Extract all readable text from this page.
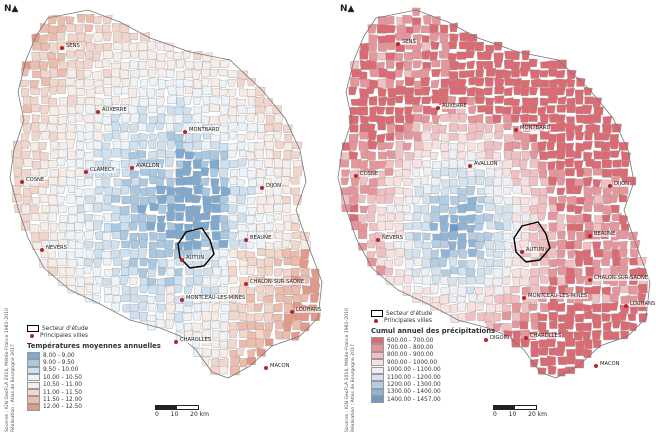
N▲
SENS
AUXERRE
MONTBARD
COSNE
CLAMECY
AVALLON
DIJON
NEVERS
BEAUNE
AUTUN
CHALON-SUR-SAONE
MONTCEAU-LES-MINES
CHAROLLES
LOUHANS
MACON
Secteur d'étude
Principales villes
Températures moyennes annuelles
8.00 - 9.00
9.00 - 9.50
9.50 - 10.00
10.00 - 10.50
10.50 - 11.00
11.00 - 11.50
11.50 - 12.00
12.00 - 12.50
0 10 20 km
Sources : IGN GeoFLA 2016, Météo-France 1981-2010 Réalisation : Atlas de Bourgogne 2017
N▲
SENS
AUXERRE
MONTBARD
COSNE
AVALLON
DIJON
NEVERS
BEAUNE
AUTUN
CHALON-SUR-SAONE
MONTCEAU-LES-MINES
CHAROLLES
LOUHANS
MACON
DIGOIN
Secteur d'étude
Principales villes
Cumul annuel des précipitations
600.00 - 700.00
700.00 - 800.00
800.00 - 900.00
900.00 - 1000.00
1000.00 - 1100.00
1100.00 - 1200.00
1200.00 - 1300.00
1300.00 - 1400.00
1400.00 - 1457.00
0 10 20 km
Sources : IGN GeoFLA 2016, Météo-France 1981-2010 Réalisation : Atlas de Bourgogne 2017
